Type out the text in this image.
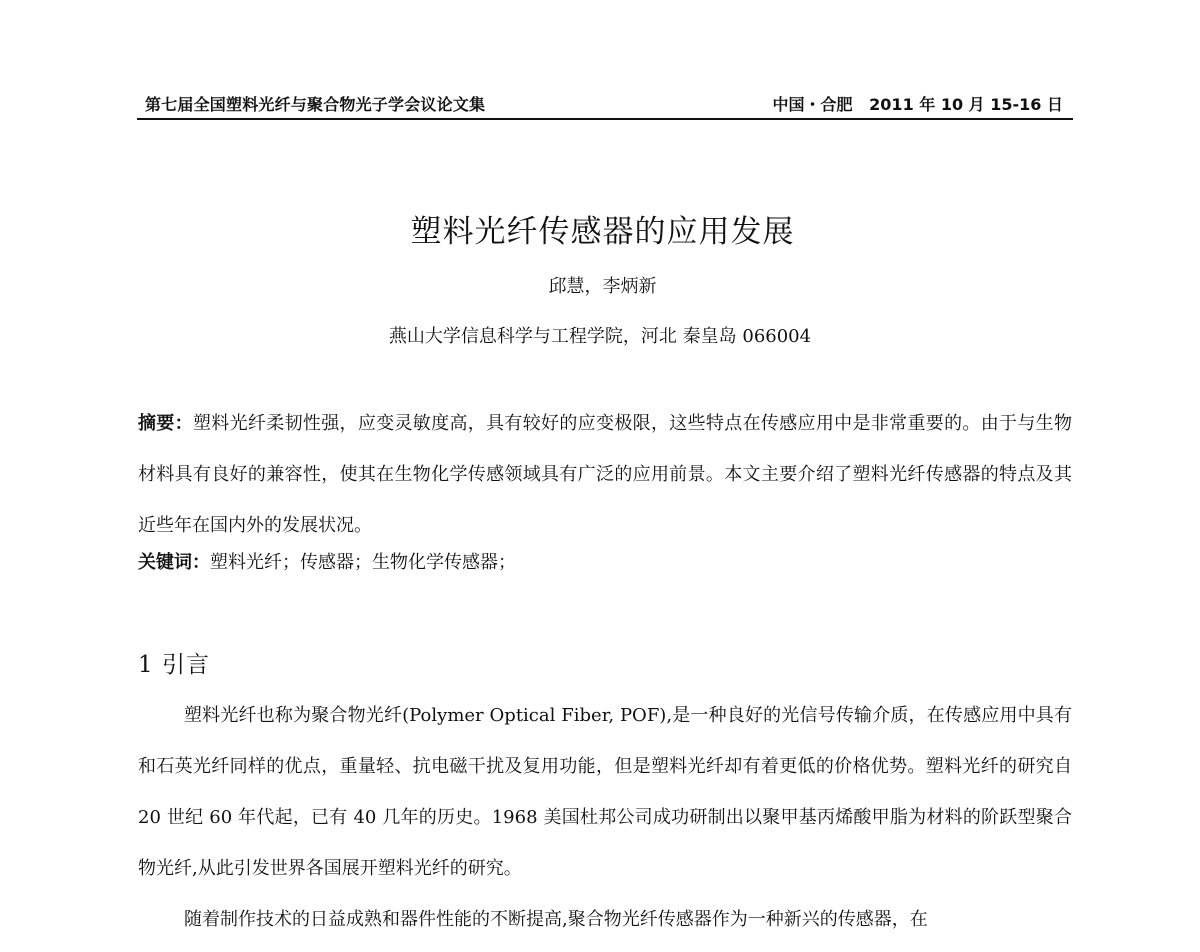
第七届全国塑料光纤与聚合物光子学会议论文集	中国・合肥   2011 年 10 月 15-16 日
塑料光纤传感器的应用发展
邱慧，李炳新
燕山大学信息科学与工程学院，河北 秦皇岛 066004

摘要：塑料光纤柔韧性强，应变灵敏度高，具有较好的应变极限，这些特点在传感应用中是非常重要的。由于与生物材料具有良好的兼容性，使其在生物化学传感领域具有广泛的应用前景。本文主要介绍了塑料光纤传感器的特点及其近些年在国内外的发展状况。

关键词：塑料光纤；传感器；生物化学传感器；

1 引言

塑料光纤也称为聚合物光纤(Polymer Optical Fiber, POF),是一种良好的光信号传输介质，在传感应用中具有和石英光纤同样的优点，重量轻、抗电磁干扰及复用功能，但是塑料光纤却有着更低的价格优势。塑料光纤的研究自 20 世纪 60 年代起，已有 40 几年的历史。1968 美国杜邦公司成功研制出以聚甲基丙烯酸甲脂为材料的阶跃型聚合物光纤,从此引发世界各国展开塑料光纤的研究。

随着制作技术的日益成熟和器件性能的不断提高,聚合物光纤传感器作为一种新兴的传感器，在
